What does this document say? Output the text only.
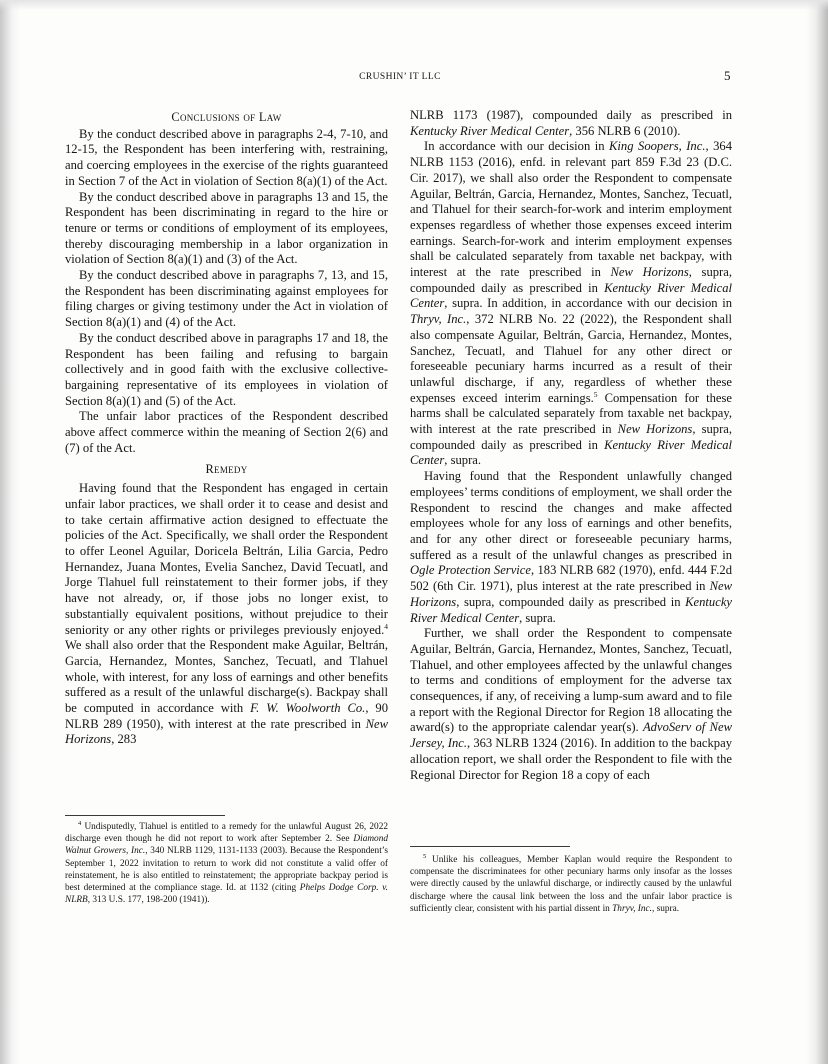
CRUSHIN’ IT LLC	5

Conclusions of Law

By the conduct described above in paragraphs 2-4, 7-10, and 12-15, the Respondent has been interfering with, restraining, and coercing employees in the exercise of the rights guaranteed in Section 7 of the Act in violation of Section 8(a)(1) of the Act.

By the conduct described above in paragraphs 13 and 15, the Respondent has been discriminating in regard to the hire or tenure or terms or conditions of employment of its employees, thereby discouraging membership in a labor organization in violation of Section 8(a)(1) and (3) of the Act.

By the conduct described above in paragraphs 7, 13, and 15, the Respondent has been discriminating against employees for filing charges or giving testimony under the Act in violation of Section 8(a)(1) and (4) of the Act.

By the conduct described above in paragraphs 17 and 18, the Respondent has been failing and refusing to bargain collectively and in good faith with the exclusive collective-bargaining representative of its employees in violation of Section 8(a)(1) and (5) of the Act.

The unfair labor practices of the Respondent described above affect commerce within the meaning of Section 2(6) and (7) of the Act.

Remedy

Having found that the Respondent has engaged in certain unfair labor practices, we shall order it to cease and desist and to take certain affirmative action designed to effectuate the policies of the Act. Specifically, we shall order the Respondent to offer Leonel Aguilar, Doricela Beltrán, Lilia Garcia, Pedro Hernandez, Juana Montes, Evelia Sanchez, David Tecuatl, and Jorge Tlahuel full reinstatement to their former jobs, if they have not already, or, if those jobs no longer exist, to substantially equivalent positions, without prejudice to their seniority or any other rights or privileges previously enjoyed.$^4$ We shall also order that the Respondent make Aguilar, Beltrán, Garcia, Hernandez, Montes, Sanchez, Tecuatl, and Tlahuel whole, with interest, for any loss of earnings and other benefits suffered as a result of the unlawful discharge(s). Backpay shall be computed in accordance with F. W. Woolworth Co., 90 NLRB 289 (1950), with interest at the rate prescribed in New Horizons, 283

NLRB 1173 (1987), compounded daily as prescribed in Kentucky River Medical Center, 356 NLRB 6 (2010).

In accordance with our decision in King Soopers, Inc., 364 NLRB 1153 (2016), enfd. in relevant part 859 F.3d 23 (D.C. Cir. 2017), we shall also order the Respondent to compensate Aguilar, Beltrán, Garcia, Hernandez, Montes, Sanchez, Tecuatl, and Tlahuel for their search-for-work and interim employment expenses regardless of whether those expenses exceed interim earnings. Search-for-work and interim employment expenses shall be calculated separately from taxable net backpay, with interest at the rate prescribed in New Horizons, supra, compounded daily as prescribed in Kentucky River Medical Center, supra. In addition, in accordance with our decision in Thryv, Inc., 372 NLRB No. 22 (2022), the Respondent shall also compensate Aguilar, Beltrán, Garcia, Hernandez, Montes, Sanchez, Tecuatl, and Tlahuel for any other direct or foreseeable pecuniary harms incurred as a result of their unlawful discharge, if any, regardless of whether these expenses exceed interim earnings.$^5$ Compensation for these harms shall be calculated separately from taxable net backpay, with interest at the rate prescribed in New Horizons, supra, compounded daily as prescribed in Kentucky River Medical Center, supra.

Having found that the Respondent unlawfully changed employees’ terms conditions of employment, we shall order the Respondent to rescind the changes and make affected employees whole for any loss of earnings and other benefits, and for any other direct or foreseeable pecuniary harms, suffered as a result of the unlawful changes as prescribed in Ogle Protection Service, 183 NLRB 682 (1970), enfd. 444 F.2d 502 (6th Cir. 1971), plus interest at the rate prescribed in New Horizons, supra, compounded daily as prescribed in Kentucky River Medical Center, supra.

Further, we shall order the Respondent to compensate Aguilar, Beltrán, Garcia, Hernandez, Montes, Sanchez, Tecuatl, Tlahuel, and other employees affected by the unlawful changes to terms and conditions of employment for the adverse tax consequences, if any, of receiving a lump-sum award and to file a report with the Regional Director for Region 18 allocating the award(s) to the appropriate calendar year(s). AdvoServ of New Jersey, Inc., 363 NLRB 1324 (2016). In addition to the backpay allocation report, we shall order the Respondent to file with the Regional Director for Region 18 a copy of each

$^4$ Undisputedly, Tlahuel is entitled to a remedy for the unlawful August 26, 2022 discharge even though he did not report to work after September 2. See Diamond Walnut Growers, Inc., 340 NLRB 1129, 1131-1133 (2003). Because the Respondent’s September 1, 2022 invitation to return to work did not constitute a valid offer of reinstatement, he is also entitled to reinstatement; the appropriate backpay period is best determined at the compliance stage. Id. at 1132 (citing Phelps Dodge Corp. v. NLRB, 313 U.S. 177, 198-200 (1941)).

$^5$ Unlike his colleagues, Member Kaplan would require the Respondent to compensate the discriminatees for other pecuniary harms only insofar as the losses were directly caused by the unlawful discharge, or indirectly caused by the unlawful discharge where the causal link between the loss and the unfair labor practice is sufficiently clear, consistent with his partial dissent in Thryv, Inc., supra.
